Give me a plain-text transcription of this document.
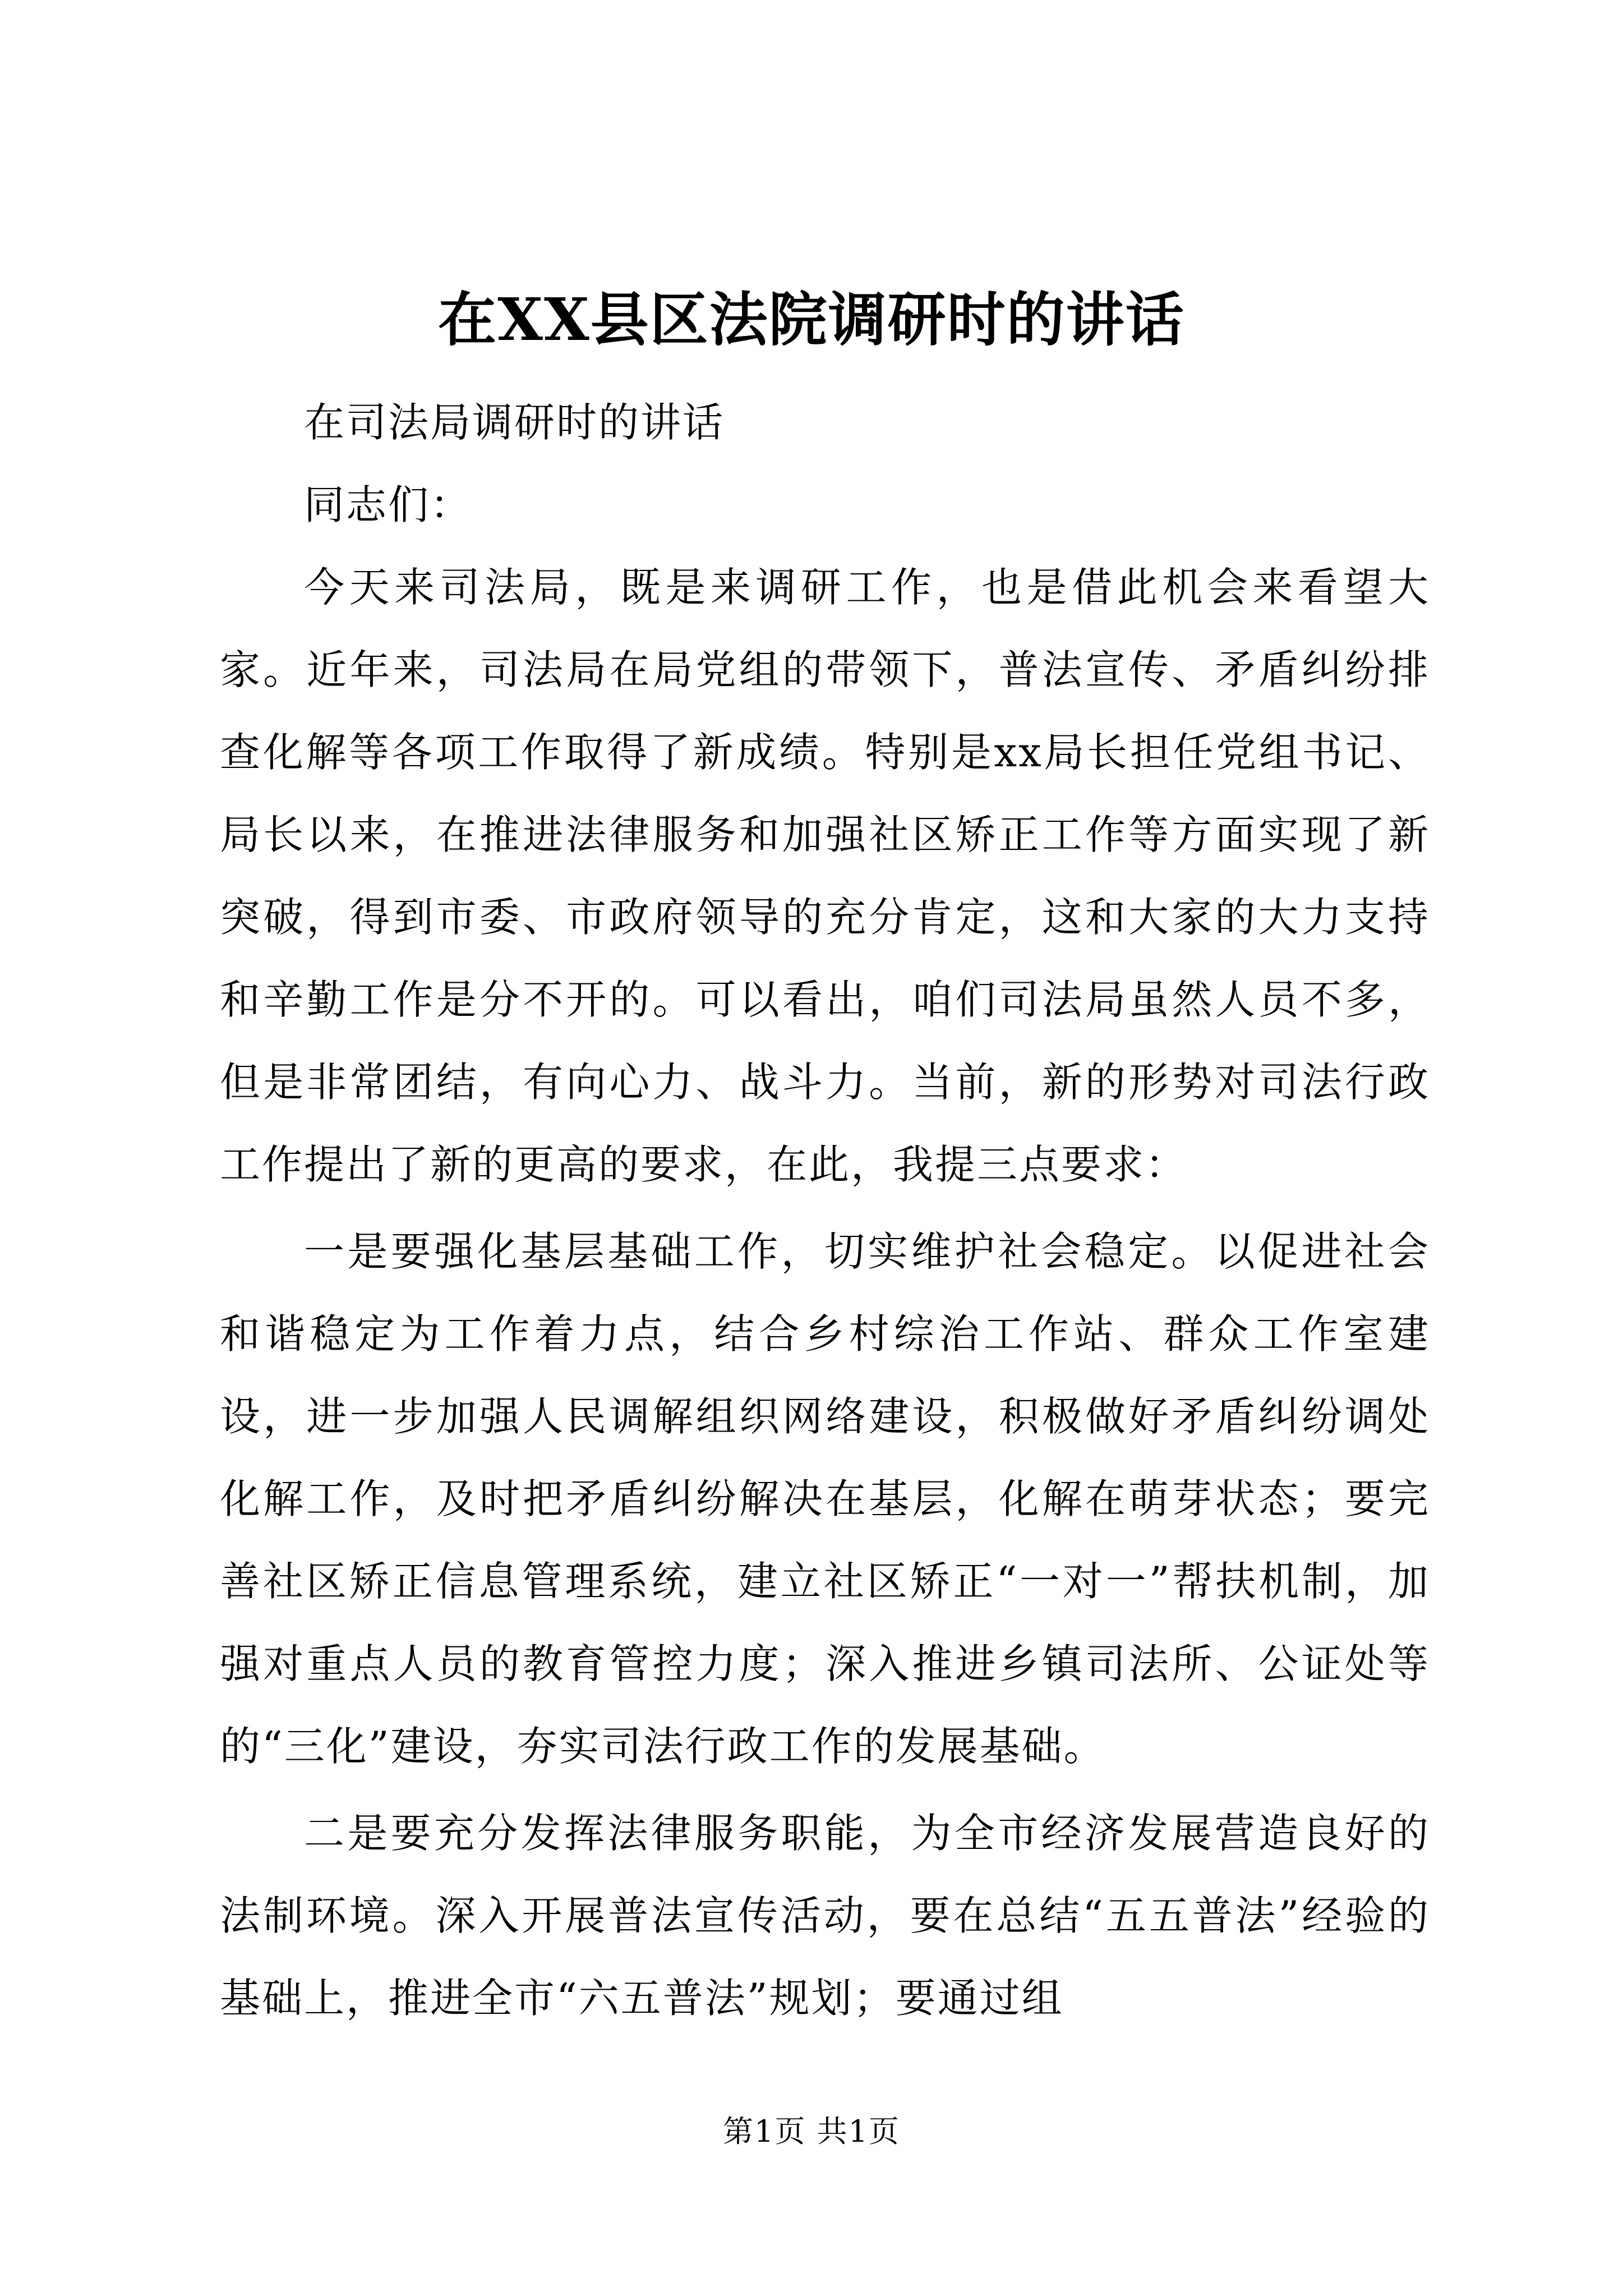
在XX县区法院调研时的讲话

在司法局调研时的讲话

同志们：

今天来司法局，既是来调研工作，也是借此机会来看望大家。近年来，司法局在局党组的带领下，普法宣传、矛盾纠纷排查化解等各项工作取得了新成绩。特别是xx局长担任党组书记、局长以来，在推进法律服务和加强社区矫正工作等方面实现了新突破，得到市委、市政府领导的充分肯定，这和大家的大力支持和辛勤工作是分不开的。可以看出，咱们司法局虽然人员不多，但是非常团结，有向心力、战斗力。当前，新的形势对司法行政工作提出了新的更高的要求，在此，我提三点要求：

一是要强化基层基础工作，切实维护社会稳定。以促进社会和谐稳定为工作着力点，结合乡村综治工作站、群众工作室建设，进一步加强人民调解组织网络建设，积极做好矛盾纠纷调处化解工作，及时把矛盾纠纷解决在基层，化解在萌芽状态；要完善社区矫正信息管理系统，建立社区矫正“一对一”帮扶机制，加强对重点人员的教育管控力度；深入推进乡镇司法所、公证处等的“三化”建设，夯实司法行政工作的发展基础。

二是要充分发挥法律服务职能，为全市经济发展营造良好的法制环境。深入开展普法宣传活动，要在总结“五五普法”经验的基础上，推进全市“六五普法”规划；要通过组

第1页 共1页
